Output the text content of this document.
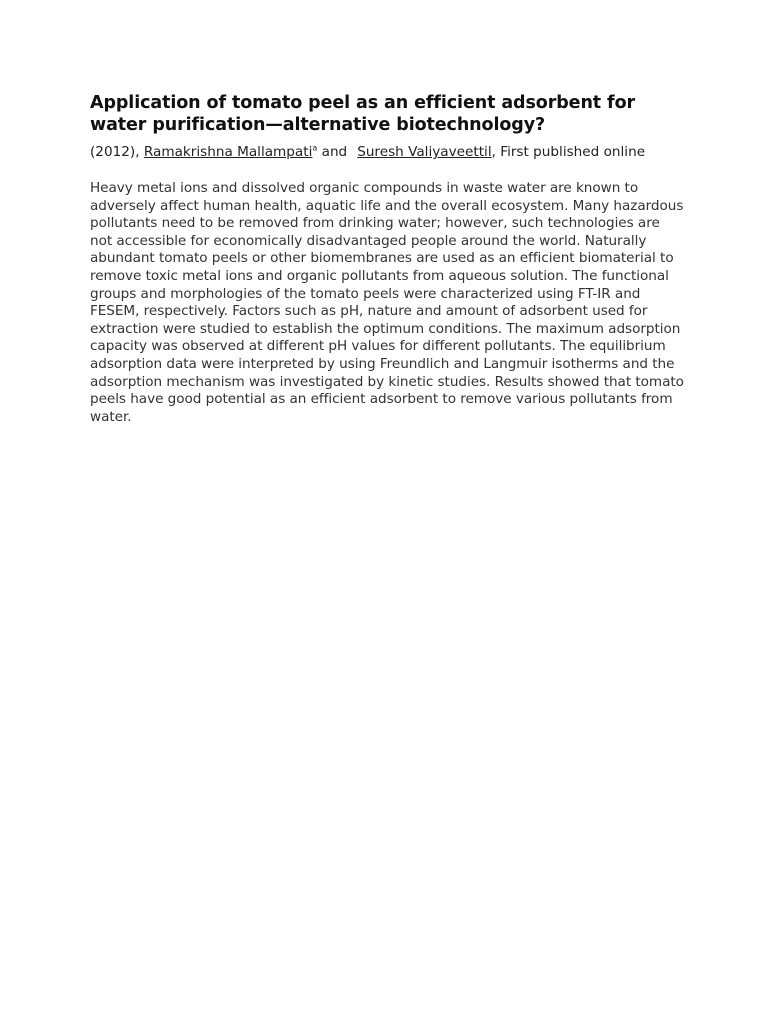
Application of tomato peel as an efficient adsorbent for water purification—alternative biotechnology?
(2012), Ramakrishna Mallampati$^a$ and Suresh Valiyaveettil, First published online

Heavy metal ions and dissolved organic compounds in waste water are known to adversely affect human health, aquatic life and the overall ecosystem. Many hazardous pollutants need to be removed from drinking water; however, such technologies are not accessible for economically disadvantaged people around the world. Naturally abundant tomato peels or other biomembranes are used as an efficient biomaterial to remove toxic metal ions and organic pollutants from aqueous solution. The functional groups and morphologies of the tomato peels were characterized using FT-IR and FESEM, respectively. Factors such as pH, nature and amount of adsorbent used for extraction were studied to establish the optimum conditions. The maximum adsorption capacity was observed at different pH values for different pollutants. The equilibrium adsorption data were interpreted by using Freundlich and Langmuir isotherms and the adsorption mechanism was investigated by kinetic studies. Results showed that tomato peels have good potential as an efficient adsorbent to remove various pollutants from water.
